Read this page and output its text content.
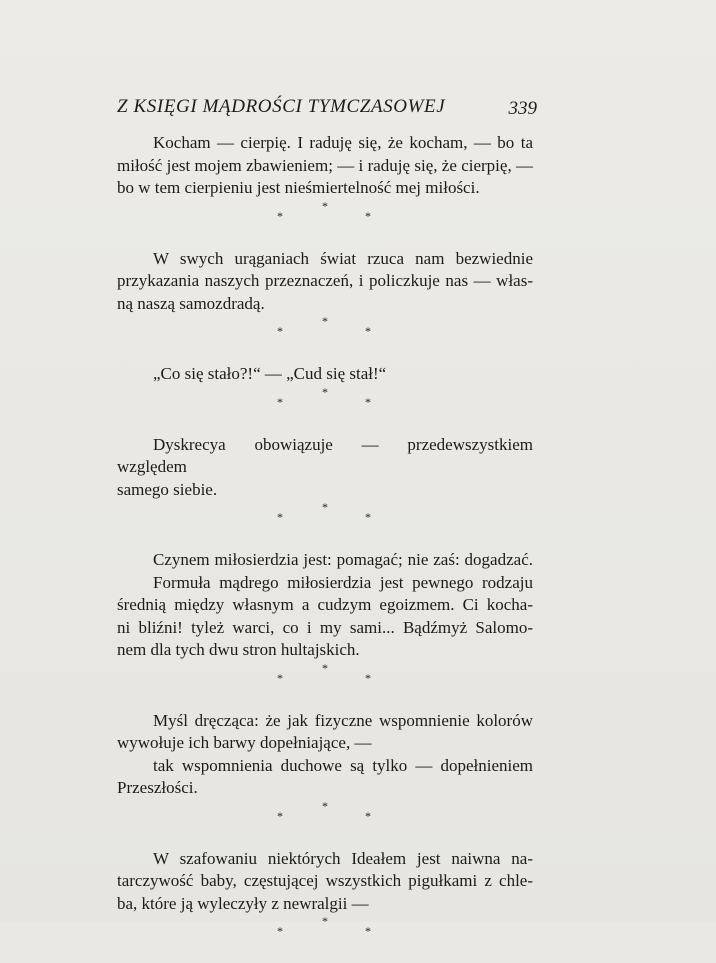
Z KSIĘGI MĄDROŚCI TYMCZASOWEJ	339

Kocham — cierpię. I raduję się, że kocham, — bo ta
miłość jest mojem zbawieniem; — i raduję się, że cierpię, —
bo w tem cierpieniu jest nieśmiertelność mej miłości.

*
*
*

W swych urąganiach świat rzuca nam bezwiednie
przykazania naszych przeznaczeń, i policzkuje nas — włas-
ną naszą samozdradą.

*
*
*

„Co się stało?!“ — „Cud się stał!“

*
*
*

Dyskrecya obowiązuje — przedewszystkiem względem
samego siebie.

*
*
*

Czynem miłosierdzia jest: pomagać; nie zaś: dogadzać.
Formuła mądrego miłosierdzia jest pewnego rodzaju
średnią między własnym a cudzym egoizmem. Ci kocha-
ni bliźni! tyleż warci, co i my sami... Bądźmyż Salomo-
nem dla tych dwu stron hultajskich.

*
*
*

Myśl dręcząca: że jak fizyczne wspomnienie kolorów
wywołuje ich barwy dopełniające, —
tak wspomnienia duchowe są tylko — dopełnieniem
Przeszłości.

*
*
*

W szafowaniu niektórych Ideałem jest naiwna na-
tarczywość baby, częstującej wszystkich pigułkami z chle-
ba, które ją wyleczyły z newralgii —

*
*
*
